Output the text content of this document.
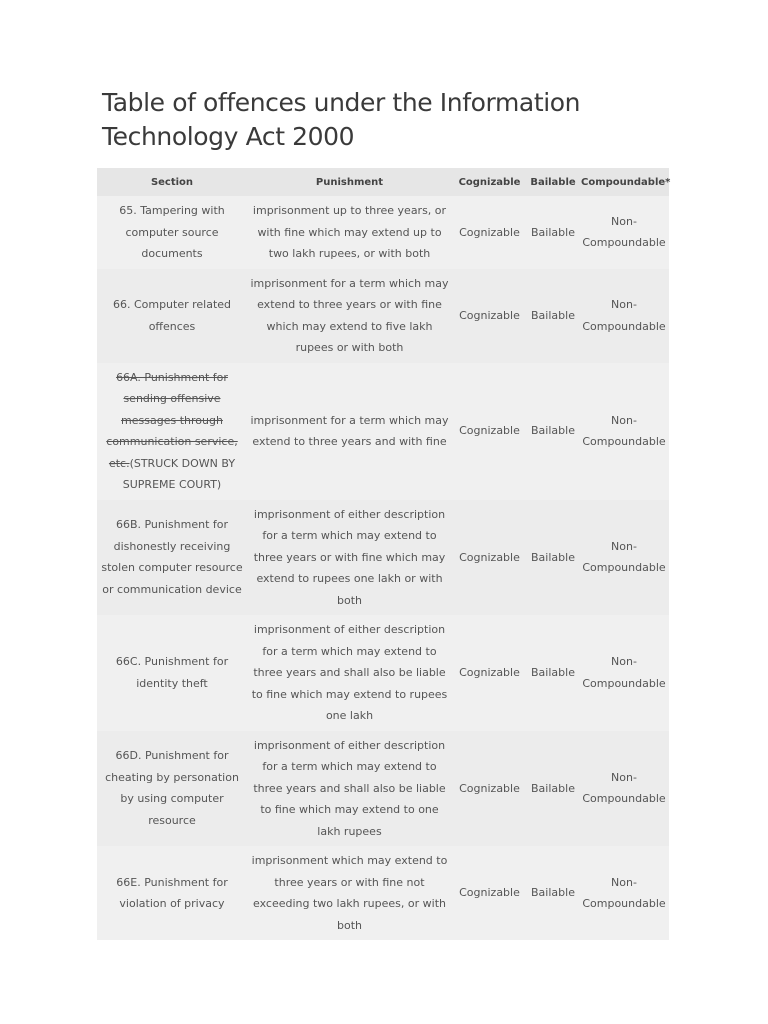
Table of offences under the Information Technology Act 2000
Section	Punishment	Cognizable	Bailable	Compoundable*
65. Tampering with computer source documents	imprisonment up to three years, or with fine which may extend up to two lakh rupees, or with both	Cognizable	Bailable	Non-Compoundable
66. Computer related offences	imprisonment for a term which may extend to three years or with fine which may extend to five lakh rupees or with both	Cognizable	Bailable	Non-Compoundable
66A. Punishment for sending offensive messages through communication service, etc.(STRUCK DOWN BY SUPREME COURT)	imprisonment for a term which may extend to three years and with fine	Cognizable	Bailable	Non-Compoundable
66B. Punishment for dishonestly receiving stolen computer resource or communication device	imprisonment of either description for a term which may extend to three years or with fine which may extend to rupees one lakh or with both	Cognizable	Bailable	Non-Compoundable
66C. Punishment for identity theft	imprisonment of either description for a term which may extend to three years and shall also be liable to fine which may extend to rupees one lakh	Cognizable	Bailable	Non-Compoundable
66D. Punishment for cheating by personation by using computer resource	imprisonment of either description for a term which may extend to three years and shall also be liable to fine which may extend to one lakh rupees	Cognizable	Bailable	Non-Compoundable
66E. Punishment for violation of privacy	imprisonment which may extend to three years or with fine not exceeding two lakh rupees, or with both	Cognizable	Bailable	Non-Compoundable
